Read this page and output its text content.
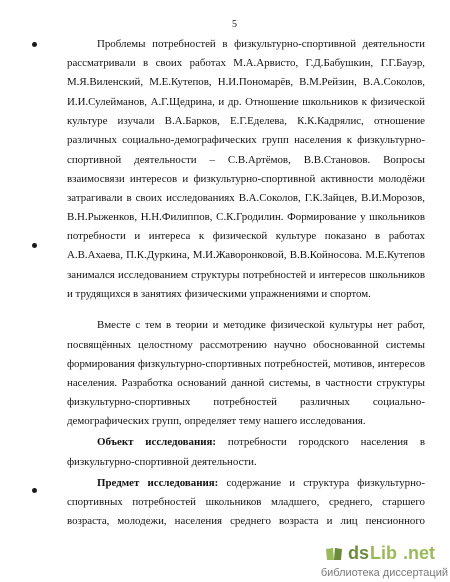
5
Проблемы потребностей в физкультурно-спортивной деятельности
рассматривали в своих работах М.А.Арвисто, Г.Д.Бабушкин, Г.Г.Бауэр,
М.Я.Виленский, М.Е.Кутепов, Н.И.Пономарёв, В.М.Рейзин, В.А.Соколов,
И.И.Сулейманов, А.Г.Щедрина, и др. Отношение школьников к физической
культуре изучали В.А.Барков, Е.Г.Еделева, К.К.Кадрялис, отношение
различных социально-демографических групп населения к физкультурно-
спортивной деятельности – С.В.Артёмов, В.В.Становов. Вопросы
взаимосвязи интересов и физкультурно-спортивной активности молодёжи
затрагивали в своих исследованиях В.А.Соколов, Г.К.Зайцев, В.И.Морозов,
В.Н.Рыженков, Н.Н.Филиппов, С.К.Гродилин. Формирование у школьников
потребности и интереса к физической культуре показано в работах
А.В.Ахаева, П.К.Дуркина, М.И.Жаворонковой, В.В.Койносова. М.Е.Кутепов
занимался исследованием структуры потребностей и интересов школьников
и трудящихся в занятиях физическими упражнениями и спортом.
Вместе с тем в теории и методике физической культуры нет работ,
посвящённых целостному рассмотрению научно обоснованной системы
формирования физкультурно-спортивных потребностей, мотивов, интересов
населения. Разработка оснований данной системы, в частности структуры
физкультурно-спортивных потребностей различных социально-
демографических групп, определяет тему нашего исследования.
Объект исследования: потребности городского населения в
физкультурно-спортивной деятельности.
Предмет исследования: содержание и структура физкультурно-
спортивных потребностей школьников младшего, среднего, старшего
возраста, молодежи, населения среднего возраста и лиц пенсионного
ds Lib .net
библиотека диссертаций
